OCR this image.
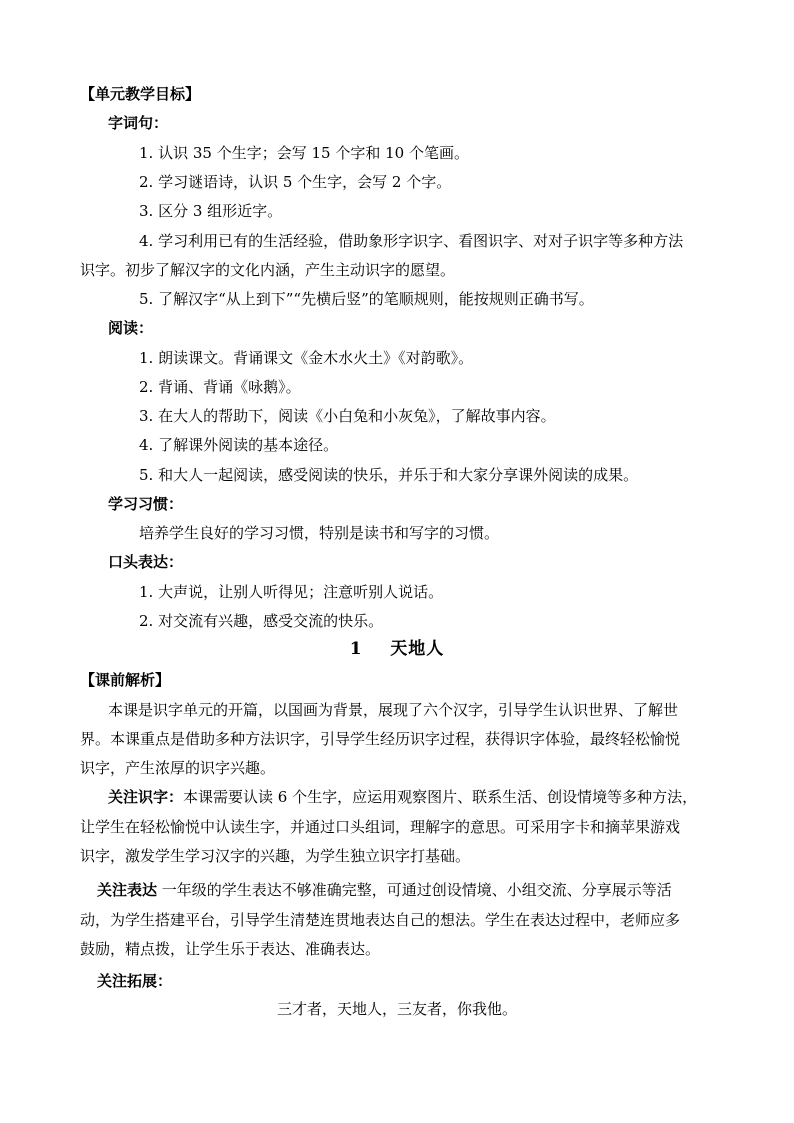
【单元教学目标】
字词句：
1. 认识 35 个生字；会写 15 个字和 10 个笔画。
2. 学习谜语诗，认识 5 个生字，会写 2 个字。
3. 区分 3 组形近字。
4. 学习利用已有的生活经验，借助象形字识字、看图识字、对对子识字等多种方法
识字。初步了解汉字的文化内涵，产生主动识字的愿望。
5. 了解汉字“从上到下”“先横后竖”的笔顺规则，能按规则正确书写。
阅读：
1. 朗读课文。背诵课文《金木水火土》《对韵歌》。
2. 背诵、背诵《咏鹅》。
3. 在大人的帮助下，阅读《小白兔和小灰兔》，了解故事内容。
4. 了解课外阅读的基本途径。
5. 和大人一起阅读，感受阅读的快乐，并乐于和大家分享课外阅读的成果。
学习习惯：
培养学生良好的学习习惯，特别是读书和写字的习惯。
口头表达：
1. 大声说，让别人听得见；注意听别人说话。
2. 对交流有兴趣，感受交流的快乐。
1 天地人
【课前解析】
本课是识字单元的开篇，以国画为背景，展现了六个汉字，引导学生认识世界、了解世
界。本课重点是借助多种方法识字，引导学生经历识字过程，获得识字体验，最终轻松愉悦
识字，产生浓厚的识字兴趣。
关注识字：本课需要认读 6 个生字，应运用观察图片、联系生活、创设情境等多种方法，
让学生在轻松愉悦中认读生字，并通过口头组词，理解字的意思。可采用字卡和摘苹果游戏
识字，激发学生学习汉字的兴趣，为学生独立识字打基础。
关注表达 一年级的学生表达不够准确完整，可通过创设情境、小组交流、分享展示等活
动，为学生搭建平台，引导学生清楚连贯地表达自己的想法。学生在表达过程中，老师应多
鼓励，精点拨，让学生乐于表达、准确表达。
关注拓展：
三才者，天地人，三友者，你我他。
